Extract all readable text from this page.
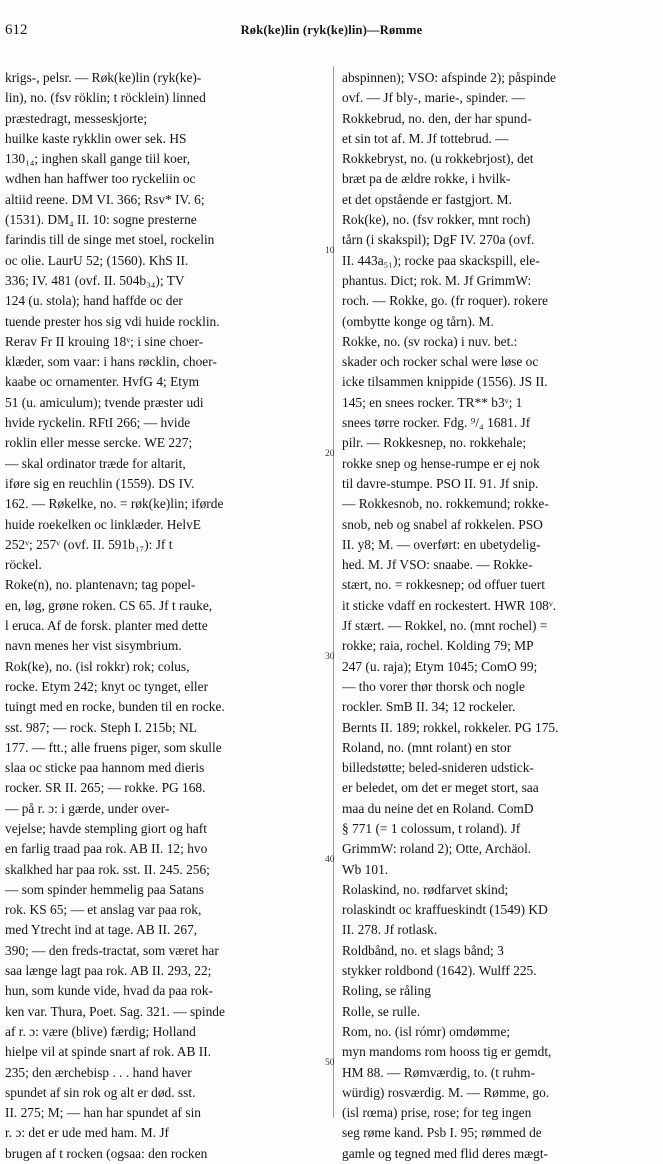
612	Røk(ke)lin (ryk(ke)lin)—Rømme
10
20
30
40
50
krigs-, pelsr. — Røk(ke)lin (ryk(ke)-
lin), no. (fsv röklin; t röcklein) linned
præstedragt, messeskjorte;
huilke kaste rykklin ower sek. HS
130₁₄; inghen skall gange tiil koer,
wdhen han haffwer too ryckeliin oc
altiid reene. DM VI. 366; Rsv* IV. 6;
(1531). DM₄ II. 10: sogne presterne
farindis till de singe met stoel, rockelin
oc olie. LaurU 52; (1560). KhS II.
336; IV. 481 (ovf. II. 504b₃₄); TV
124 (u. stola); hand haffde oc der
tuende prester hos sig vdi huide rocklin.
Rerav Fr II krouing 18ᵛ; i sine choer-
klæder, som vaar: i hans røcklin, choer-
kaabe oc ornamenter. HvfG 4; Etym
51 (u. amiculum); tvende præster udi
hvide ryckelin. RFtI 266; — hvide
roklin eller messe sercke. WE 227;
— skal ordinator træde for altarit,
iføre sig en reuchlin (1559). DS IV.
162. — Røkelke, no. = røk(ke)lin; iførde
huide roekelken oc linklæder. HelvE
252ᵛ; 257ᵛ (ovf. II. 591b₁₇): Jf t
röckel.
Roke(n), no. plantenavn; tag popel-
en, løg, grøne roken. CS 65. Jf t rauke,
l eruca. Af de forsk. planter med dette
navn menes her vist sisymbrium.
Rok(ke), no. (isl rokkr) rok; colus,
rocke. Etym 242; knyt oc tynget, eller
tuingt med en rocke, bunden til en rocke.
sst. 987; — rock. Steph I. 215b; NL
177. — ftt.; alle fruens piger, som skulle
slaa oc sticke paa hannom med dieris
rocker. SR II. 265; — rokke. PG 168.
— på r. ɔ: i gærde, under over-
vejelse; havde stempling giort og haft
en farlig traad paa rok. AB II. 12; hvo
skalkhed har paa rok. sst. II. 245. 256;
— som spinder hemmelig paa Satans
rok. KS 65; — et anslag var paa rok,
med Ytrecht ind at tage. AB II. 267,
390; — den freds-tractat, som været har
saa længe lagt paa rok. AB II. 293, 22;
hun, som kunde vide, hvad da paa rok-
ken var. Thura, Poet. Sag. 321. — spinde
af r. ɔ: være (blive) færdig; Holland
hielpe vil at spinde snart af rok. AB II.
235; den ærchebisp . . . hand haver
spundet af sin rok og alt er død. sst.
II. 275; M; — han har spundet af sin
r. ɔ: det er ude med ham. M. Jf
brugen af t rocken (ogsaa: den rocken
abspinnen); VSO: afspinde 2); påspinde
ovf. — Jf bly-, marie-, spinder. —
Rokkebrud, no. den, der har spund-
et sin tot af. M. Jf tottebrud. —
Rokkebryst, no. (u rokkebrjost), det
bræt pa de ældre rokke, i hvilk-
et det opstående er fastgjort. M.
Rok(ke), no. (fsv rokker, mnt roch)
tårn (i skakspil); DgF IV. 270a (ovf.
II. 443a₅₁); rocke paa skackspill, ele-
phantus. Dict; rok. M. Jf GrimmW:
roch. — Rokke, go. (fr roquer). rokere
(ombytte konge og tårn). M.
Rokke, no. (sv rocka) i nuv. bet.:
skader och rocker schal were løse oc
icke tilsammen knippide (1556). JS II.
145; en snees rocker. TR** b3ᵛ; 1
snees tørre rocker. Fdg. ⁹/₄ 1681. Jf
pilr. — Rokkesnep, no. rokkehale;
rokke snep og hense-rumpe er ej nok
til davre-stumpe. PSO II. 91. Jf snip.
— Rokkesnob, no. rokkemund; rokke-
snob, neb og snabel af rokkelen. PSO
II. y8; M. — overført: en ubetydelig-
hed. M. Jf VSO: snaabe. — Rokke-
stært, no. = rokkesnep; od offuer tuert
it sticke vdaff en rockestert. HWR 108ᵛ.
Jf stært. — Rokkel, no. (mnt rochel) =
rokke; raia, rochel. Kolding 79; MP
247 (u. raja); Etym 1045; ComO 99;
— tho vorer thør thorsk och nogle
rockler. SmB II. 34; 12 rockeler.
Bernts II. 189; rokkel, rokkeler. PG 175.
Roland, no. (mnt rolant) en stor
billedstøtte; beled-snideren udstick-
er beledet, om det er meget stort, saa
maa du neine det en Roland. ComD
§ 771 (= 1 colossum, t roland). Jf
GrimmW: roland 2); Otte, Archäol.
Wb 101.
Rolaskind, no. rødfarvet skind;
rolaskindt oc kraffueskindt (1549) KD
II. 278. Jf rotlask.
Roldbånd, no. et slags bånd; 3
stykker roldbond (1642). Wulff 225.
Roling, se råling
Rolle, se rulle.
Rom, no. (isl rómr) omdømme;
myn mandoms rom hooss tig er gemdt,
HM 88. — Rømværdig, to. (t ruhm-
würdig) rosværdig. M. — Rømme, go.
(isl rœma) prise, rose; for teg ingen
seg røme kand. Psb I. 95; rømmed de
gamle og tegned med flid deres mægt-
